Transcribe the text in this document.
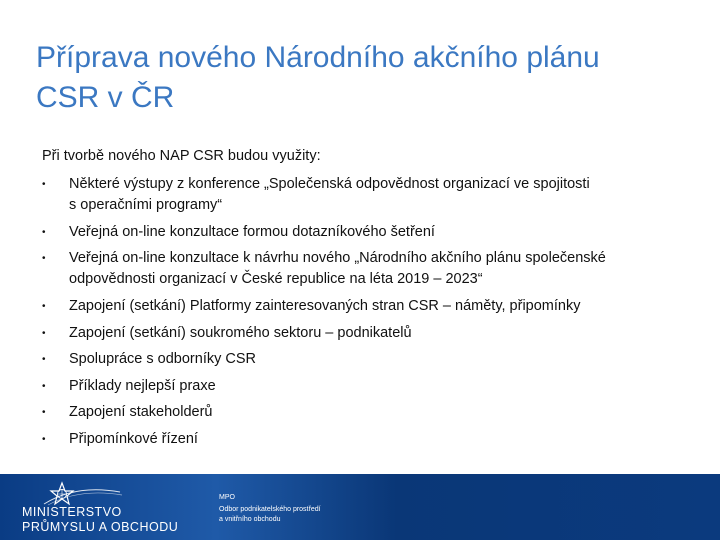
Příprava nového Národního akčního plánu
CSR v ČR

Při tvorbě nového NAP CSR budou využity:

•	Některé výstupy z konference „Společenská odpovědnost organizací ve spojitosti
s operačními programy“
•	Veřejná on-line konzultace formou dotazníkového šetření
•	Veřejná on-line konzultace k návrhu nového „Národního akčního plánu společenské
odpovědnosti organizací v České republice na léta 2019 – 2023“
•	Zapojení (setkání) Platformy zainteresovaných stran CSR – náměty, připomínky
•	Zapojení (setkání) soukromého sektoru – podnikatelů
•	Spolupráce s odborníky CSR
•	Příklady nejlepší praxe
•	Zapojení stakeholderů
•	Připomínkové řízení
MINISTERSTVO
PRŮMYSLU A OBCHODU
MPO
Odbor podnikatelského prostředí
a vnitřního obchodu
